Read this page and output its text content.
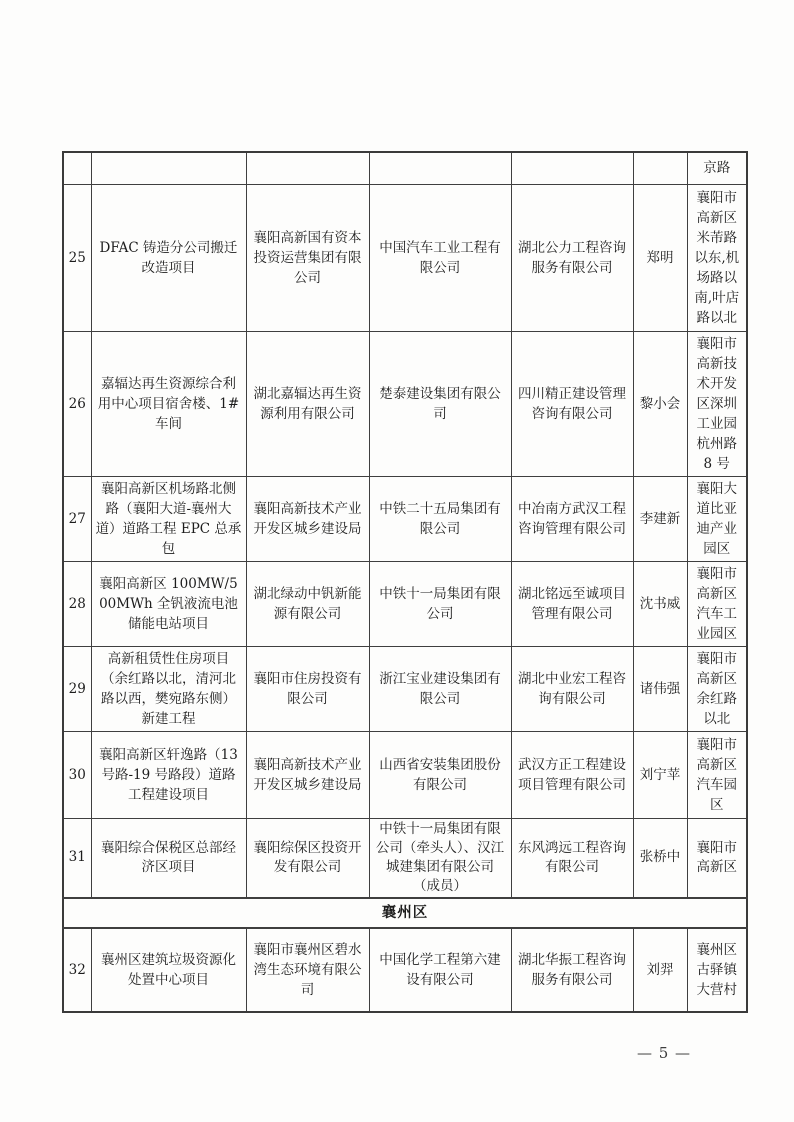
						京路
25	DFAC 铸造分公司搬迁改造项目	襄阳高新国有资本投资运营集团有限公司	中国汽车工业工程有限公司	湖北公力工程咨询服务有限公司	郑明	襄阳市高新区米芾路以东,机场路以南,叶店路以北
26	嘉辐达再生资源综合利用中心项目宿舍楼、1#车间	湖北嘉辐达再生资源利用有限公司	楚泰建设集团有限公司	四川精正建设管理咨询有限公司	黎小会	襄阳市高新技术开发区深圳工业园杭州路 8 号
27	襄阳高新区机场路北侧路（襄阳大道-襄州大道）道路工程 EPC 总承包	襄阳高新技术产业开发区城乡建设局	中铁二十五局集团有限公司	中冶南方武汉工程咨询管理有限公司	李建新	襄阳大道比亚迪产业园区
28	襄阳高新区 100MW/500MWh 全钒液流电池储能电站项目	湖北绿动中钒新能源有限公司	中铁十一局集团有限公司	湖北铭远至诚项目管理有限公司	沈书威	襄阳市高新区汽车工业园区
29	高新租赁性住房项目（余红路以北，清河北路以西，樊宛路东侧）新建工程	襄阳市住房投资有限公司	浙江宝业建设集团有限公司	湖北中业宏工程咨询有限公司	诸伟强	襄阳市高新区余红路以北
30	襄阳高新区轩逸路（13 号路-19 号路段）道路工程建设项目	襄阳高新技术产业开发区城乡建设局	山西省安装集团股份有限公司	武汉方正工程建设项目管理有限公司	刘宁苹	襄阳市高新区汽车园区
31	襄阳综合保税区总部经济区项目	襄阳综保区投资开发有限公司	中铁十一局集团有限公司（牵头人）、汉江城建集团有限公司（成员）	东风鸿远工程咨询有限公司	张桥中	襄阳市高新区
襄州区						
32	襄州区建筑垃圾资源化处置中心项目	襄阳市襄州区碧水湾生态环境有限公司	中国化学工程第六建设有限公司	湖北华振工程咨询服务有限公司	刘羿	襄州区古驿镇大营村
— 5 —
